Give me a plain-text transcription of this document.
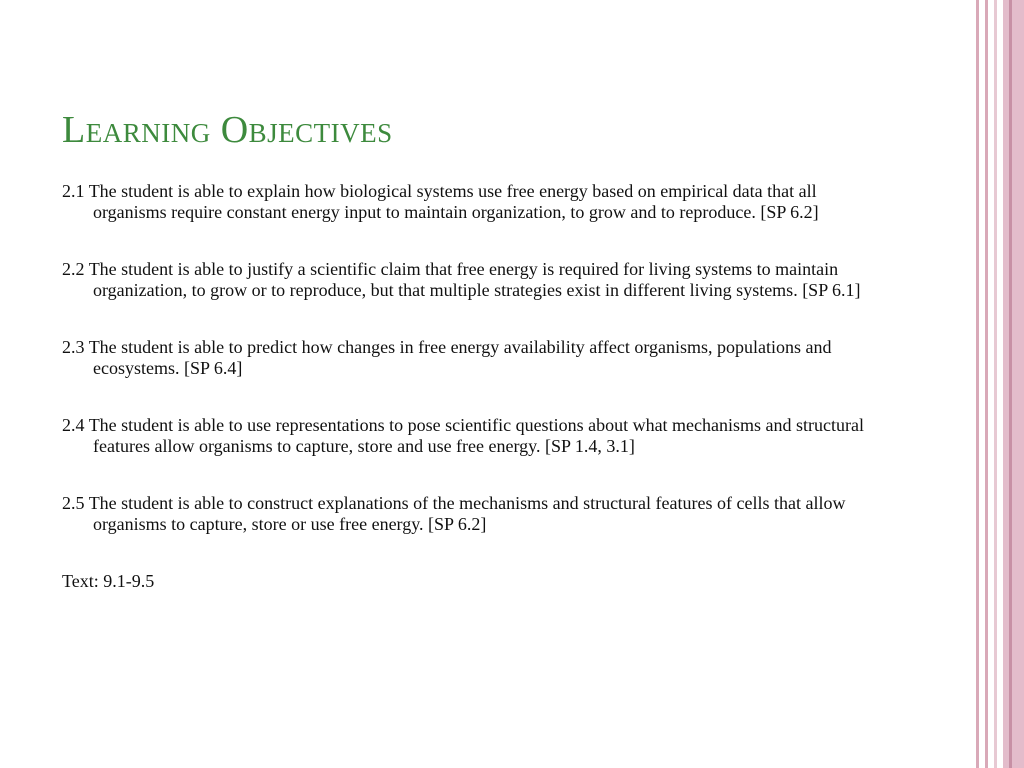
Learning Objectives

2.1 The student is able to explain how biological systems use free energy based on empirical data that all organisms require constant energy input to maintain organization, to grow and to reproduce. [SP 6.2]

2.2 The student is able to justify a scientific claim that free energy is required for living systems to maintain organization, to grow or to reproduce, but that multiple strategies exist in different living systems. [SP 6.1]

2.3 The student is able to predict how changes in free energy availability affect organisms, populations and ecosystems. [SP 6.4]

2.4 The student is able to use representations to pose scientific questions about what mechanisms and structural features allow organisms to capture, store and use free energy. [SP 1.4, 3.1]

2.5 The student is able to construct explanations of the mechanisms and structural features of cells that allow organisms to capture, store or use free energy. [SP 6.2]

Text: 9.1-9.5
